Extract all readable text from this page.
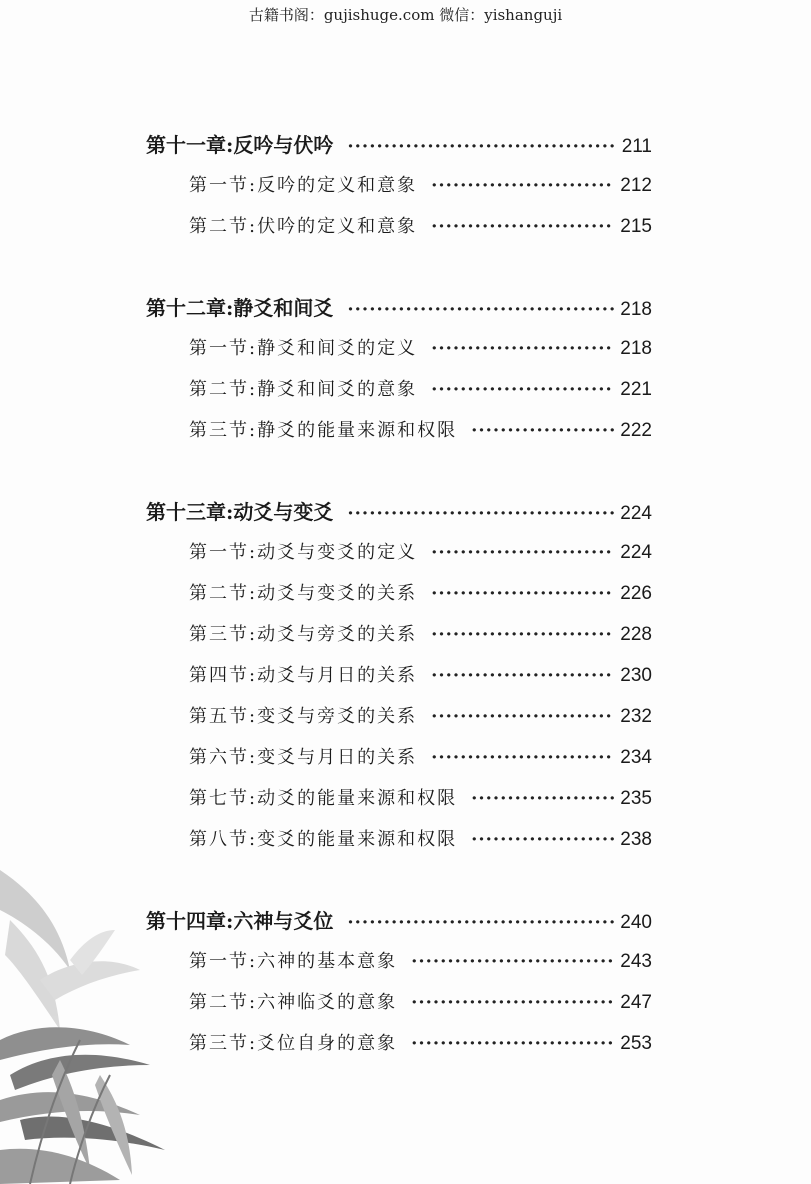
古籍书阁：gujishuge.com 微信：yishanguji
第十一章:反吟与伏吟 ·····	211
第一节:反吟的定义和意象 ·····	212
第二节:伏吟的定义和意象 ·····	215
第十二章:静爻和间爻 ·····	218
第一节:静爻和间爻的定义 ·····	218
第二节:静爻和间爻的意象 ·····	221
第三节:静爻的能量来源和权限 ·····	222
第十三章:动爻与变爻 ·····	224
第一节:动爻与变爻的定义 ·····	224
第二节:动爻与变爻的关系 ·····	226
第三节:动爻与旁爻的关系 ·····	228
第四节:动爻与月日的关系 ·····	230
第五节:变爻与旁爻的关系 ·····	232
第六节:变爻与月日的关系 ·····	234
第七节:动爻的能量来源和权限 ·····	235
第八节:变爻的能量来源和权限 ·····	238
第十四章:六神与爻位 ·····	240
第一节:六神的基本意象 ·····	243
第二节:六神临爻的意象 ·····	247
第三节:爻位自身的意象 ·····	253
